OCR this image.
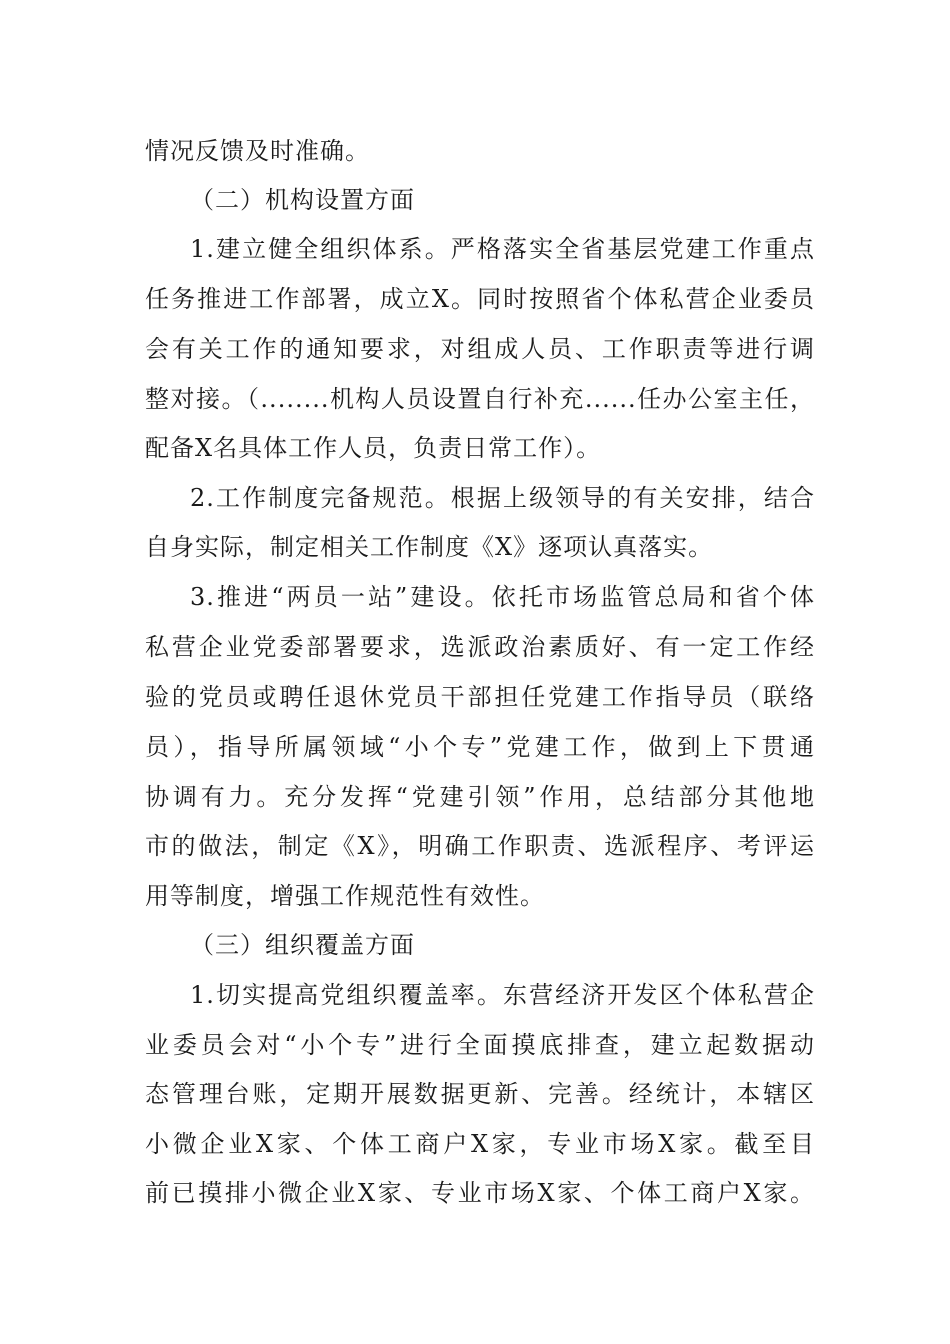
情况反馈及时准确。
（二）机构设置方面
1.建立健全组织体系。严格落实全省基层党建工作重点
任务推进工作部署，成立X。同时按照省个体私营企业委员
会有关工作的通知要求，对组成人员、工作职责等进行调
整对接。（........机构人员设置自行补充......任办公室主任，
配备X名具体工作人员，负责日常工作）。
2.工作制度完备规范。根据上级领导的有关安排，结合
自身实际，制定相关工作制度《X》逐项认真落实。
3.推进“两员一站”建设。依托市场监管总局和省个体
私营企业党委部署要求，选派政治素质好、有一定工作经
验的党员或聘任退休党员干部担任党建工作指导员（联络
员），指导所属领域“小个专”党建工作，做到上下贯通
协调有力。充分发挥“党建引领”作用，总结部分其他地
市的做法，制定《X》，明确工作职责、选派程序、考评运
用等制度，增强工作规范性有效性。
（三）组织覆盖方面
1.切实提高党组织覆盖率。东营经济开发区个体私营企
业委员会对“小个专”进行全面摸底排查，建立起数据动
态管理台账，定期开展数据更新、完善。经统计，本辖区
小微企业X家、个体工商户X家，专业市场X家。截至目
前已摸排小微企业X家、专业市场X家、个体工商户X家。
